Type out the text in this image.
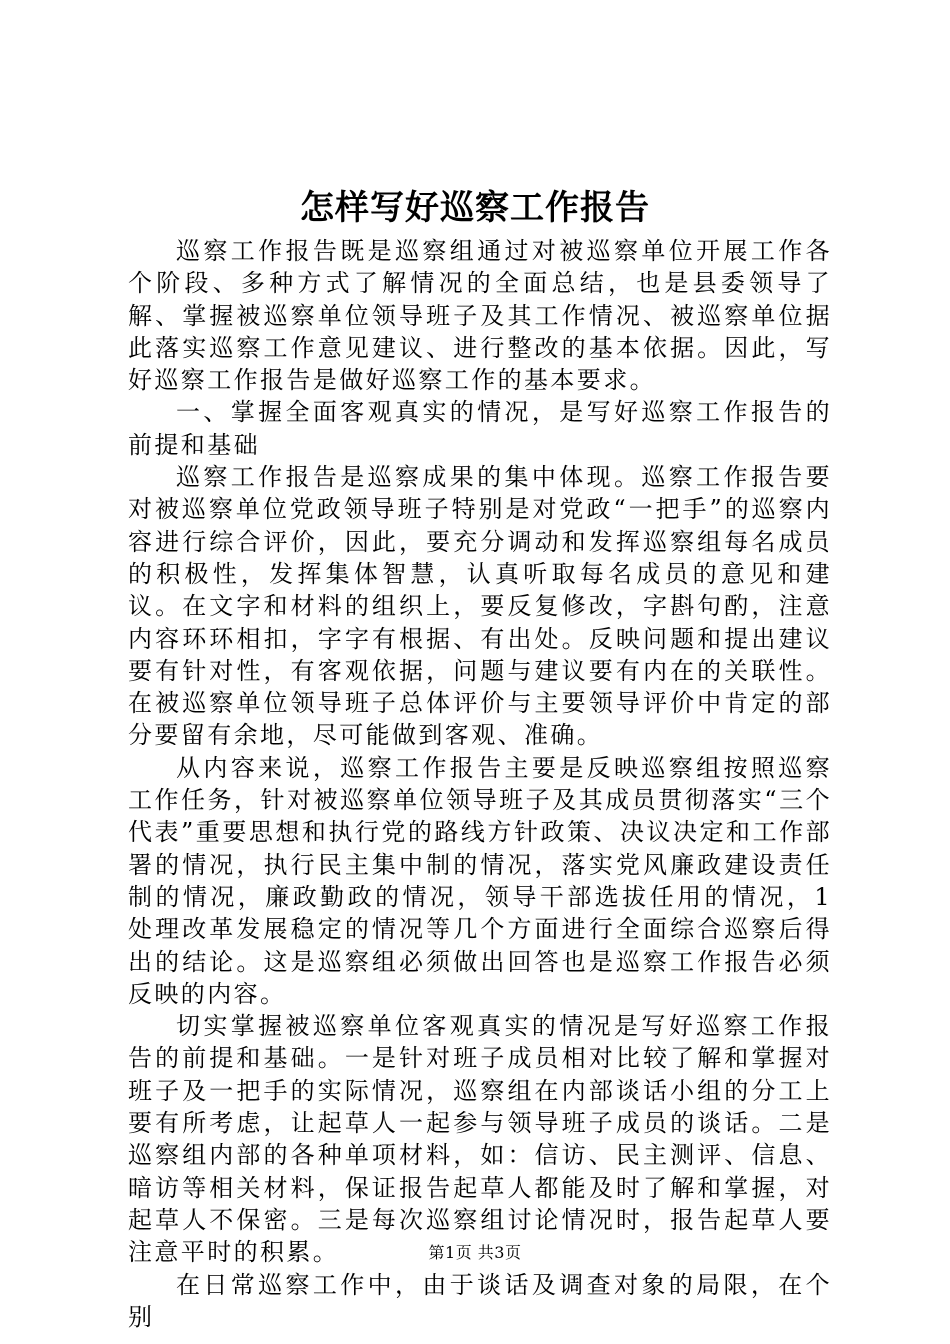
怎样写好巡察工作报告

巡察工作报告既是巡察组通过对被巡察单位开展工作各个阶段、多种方式了解情况的全面总结，也是县委领导了解、掌握被巡察单位领导班子及其工作情况、被巡察单位据此落实巡察工作意见建议、进行整改的基本依据。因此，写好巡察工作报告是做好巡察工作的基本要求。

一、掌握全面客观真实的情况，是写好巡察工作报告的前提和基础

巡察工作报告是巡察成果的集中体现。巡察工作报告要对被巡察单位党政领导班子特别是对党政“一把手”的巡察内容进行综合评价，因此，要充分调动和发挥巡察组每名成员的积极性，发挥集体智慧，认真听取每名成员的意见和建议。在文字和材料的组织上，要反复修改，字斟句酌，注意内容环环相扣，字字有根据、有出处。反映问题和提出建议要有针对性，有客观依据，问题与建议要有内在的关联性。在被巡察单位领导班子总体评价与主要领导评价中肯定的部分要留有余地，尽可能做到客观、准确。

从内容来说，巡察工作报告主要是反映巡察组按照巡察工作任务，针对被巡察单位领导班子及其成员贯彻落实“三个代表”重要思想和执行党的路线方针政策、决议决定和工作部署的情况，执行民主集中制的情况，落实党风廉政建设责任制的情况，廉政勤政的情况，领导干部选拔任用的情况，1处理改革发展稳定的情况等几个方面进行全面综合巡察后得出的结论。这是巡察组必须做出回答也是巡察工作报告必须反映的内容。

切实掌握被巡察单位客观真实的情况是写好巡察工作报告的前提和基础。一是针对班子成员相对比较了解和掌握对班子及一把手的实际情况，巡察组在内部谈话小组的分工上要有所考虑，让起草人一起参与领导班子成员的谈话。二是巡察组内部的各种单项材料，如：信访、民主测评、信息、暗访等相关材料，保证报告起草人都能及时了解和掌握，对起草人不保密。三是每次巡察组讨论情况时，报告起草人要注意平时的积累。

在日常巡察工作中，由于谈话及调查对象的局限，在个别

第1页 共3页
